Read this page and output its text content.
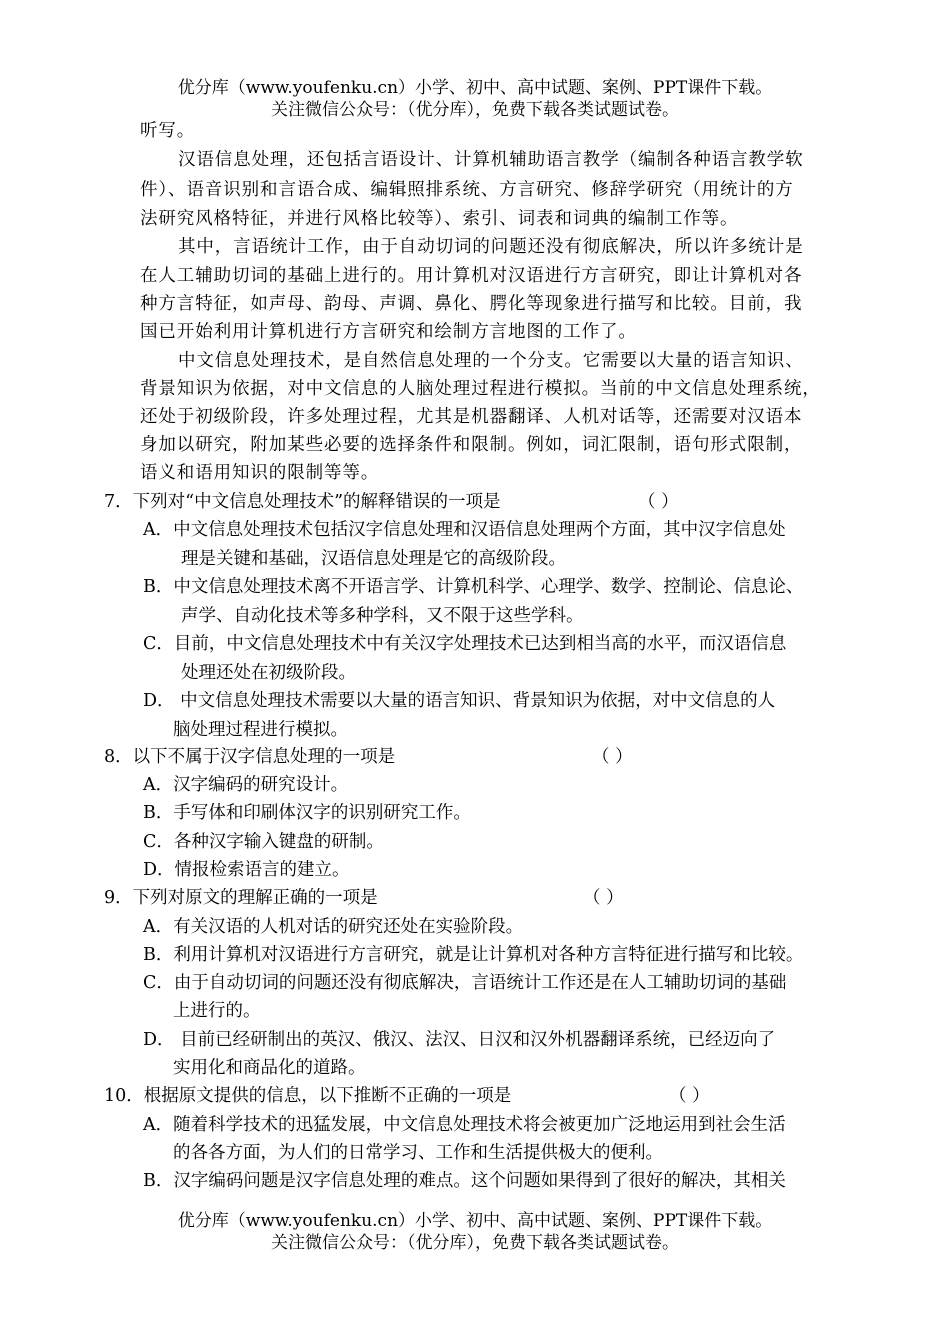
优分库（www.youfenku.cn）小学、初中、高中试题、案例、PPT课件下载。
关注微信公众号：（优分库），免费下载各类试题试卷。
听写。
汉语信息处理，还包括言语设计、计算机辅助语言教学（编制各种语言教学软
件）、语音识别和言语合成、编辑照排系统、方言研究、修辞学研究（用统计的方
法研究风格特征，并进行风格比较等）、索引、词表和词典的编制工作等。
其中，言语统计工作，由于自动切词的问题还没有彻底解决，所以许多统计是
在人工辅助切词的基础上进行的。用计算机对汉语进行方言研究，即让计算机对各
种方言特征，如声母、韵母、声调、鼻化、腭化等现象进行描写和比较。目前，我
国已开始利用计算机进行方言研究和绘制方言地图的工作了。
中文信息处理技术，是自然信息处理的一个分支。它需要以大量的语言知识、
背景知识为依据，对中文信息的人脑处理过程进行模拟。当前的中文信息处理系统，
还处于初级阶段，许多处理过程，尤其是机器翻译、人机对话等，还需要对汉语本
身加以研究，附加某些必要的选择条件和限制。例如，词汇限制，语句形式限制，
语义和语用知识的限制等等。
7．下列对“中文信息处理技术”的解释错误的一项是	（ ）
A．中文信息处理技术包括汉字信息处理和汉语信息处理两个方面，其中汉字信息处
理是关键和基础，汉语信息处理是它的高级阶段。
B．中文信息处理技术离不开语言学、计算机科学、心理学、数学、控制论、信息论、
声学、自动化技术等多种学科，又不限于这些学科。
C．目前，中文信息处理技术中有关汉字处理技术已达到相当高的水平，而汉语信息
处理还处在初级阶段。
D． 中文信息处理技术需要以大量的语言知识、背景知识为依据，对中文信息的人
脑处理过程进行模拟。
8．以下不属于汉字信息处理的一项是	（ ）
A．汉字编码的研究设计。
B．手写体和印刷体汉字的识别研究工作。
C．各种汉字输入键盘的研制。
D．情报检索语言的建立。
9．下列对原文的理解正确的一项是	（ ）
A．有关汉语的人机对话的研究还处在实验阶段。
B．利用计算机对汉语进行方言研究，就是让计算机对各种方言特征进行描写和比较。
C．由于自动切词的问题还没有彻底解决，言语统计工作还是在人工辅助切词的基础
上进行的。
D． 目前已经研制出的英汉、俄汉、法汉、日汉和汉外机器翻译系统，已经迈向了
实用化和商品化的道路。
10．根据原文提供的信息，以下推断不正确的一项是	（ ）
A．随着科学技术的迅猛发展，中文信息处理技术将会被更加广泛地运用到社会生活
的各各方面，为人们的日常学习、工作和生活提供极大的便利。
B．汉字编码问题是汉字信息处理的难点。这个问题如果得到了很好的解决，其相关
优分库（www.youfenku.cn）小学、初中、高中试题、案例、PPT课件下载。
关注微信公众号：（优分库），免费下载各类试题试卷。
